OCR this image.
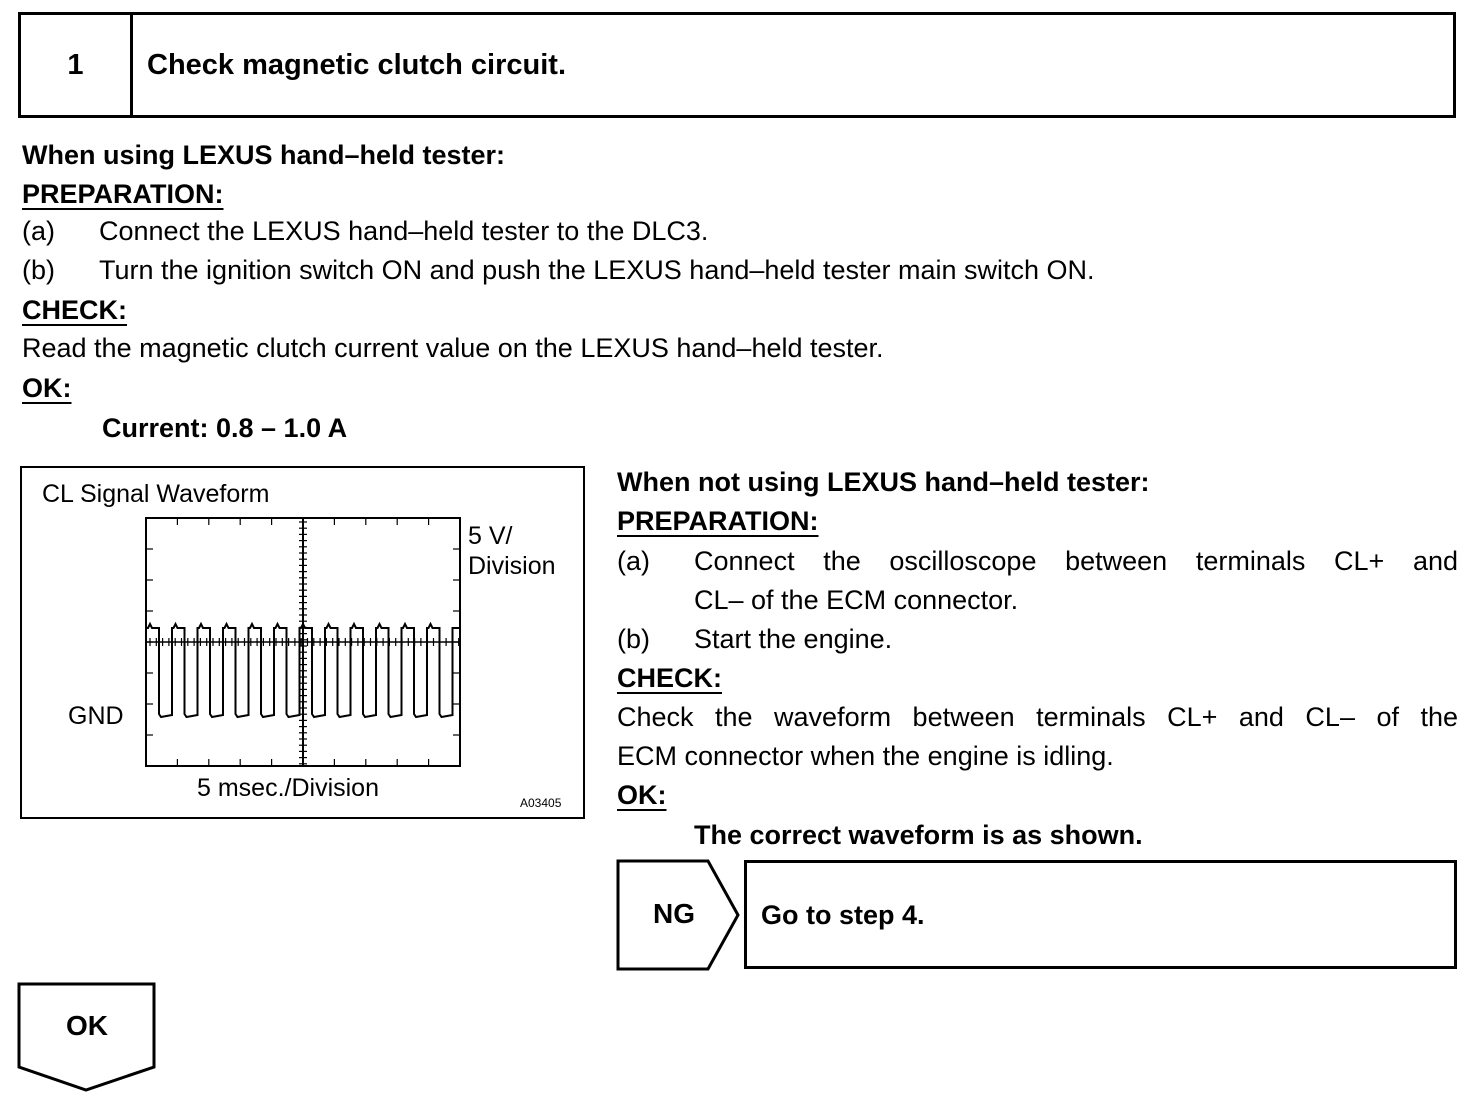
1	Check magnetic clutch circuit.
When using LEXUS hand–held tester:
PREPARATION:
(a) Connect the LEXUS hand–held tester to the DLC3.
(b) Turn the ignition switch ON and push the LEXUS hand–held tester main switch ON.
CHECK:
Read the magnetic clutch current value on the LEXUS hand–held tester.
OK:
Current: 0.8 – 1.0 A
CL Signal Waveform
5 V/
Division
GND
5 msec./Division
A03405
When not using LEXUS hand–held tester:
PREPARATION:
(a) Connect the oscilloscope between terminals CL+ and
CL– of the ECM connector.
(b) Start the engine.
CHECK:
Check the waveform between terminals CL+ and CL– of the
ECM connector when the engine is idling.
OK:
The correct waveform is as shown.
NG	Go to step 4.
OK
